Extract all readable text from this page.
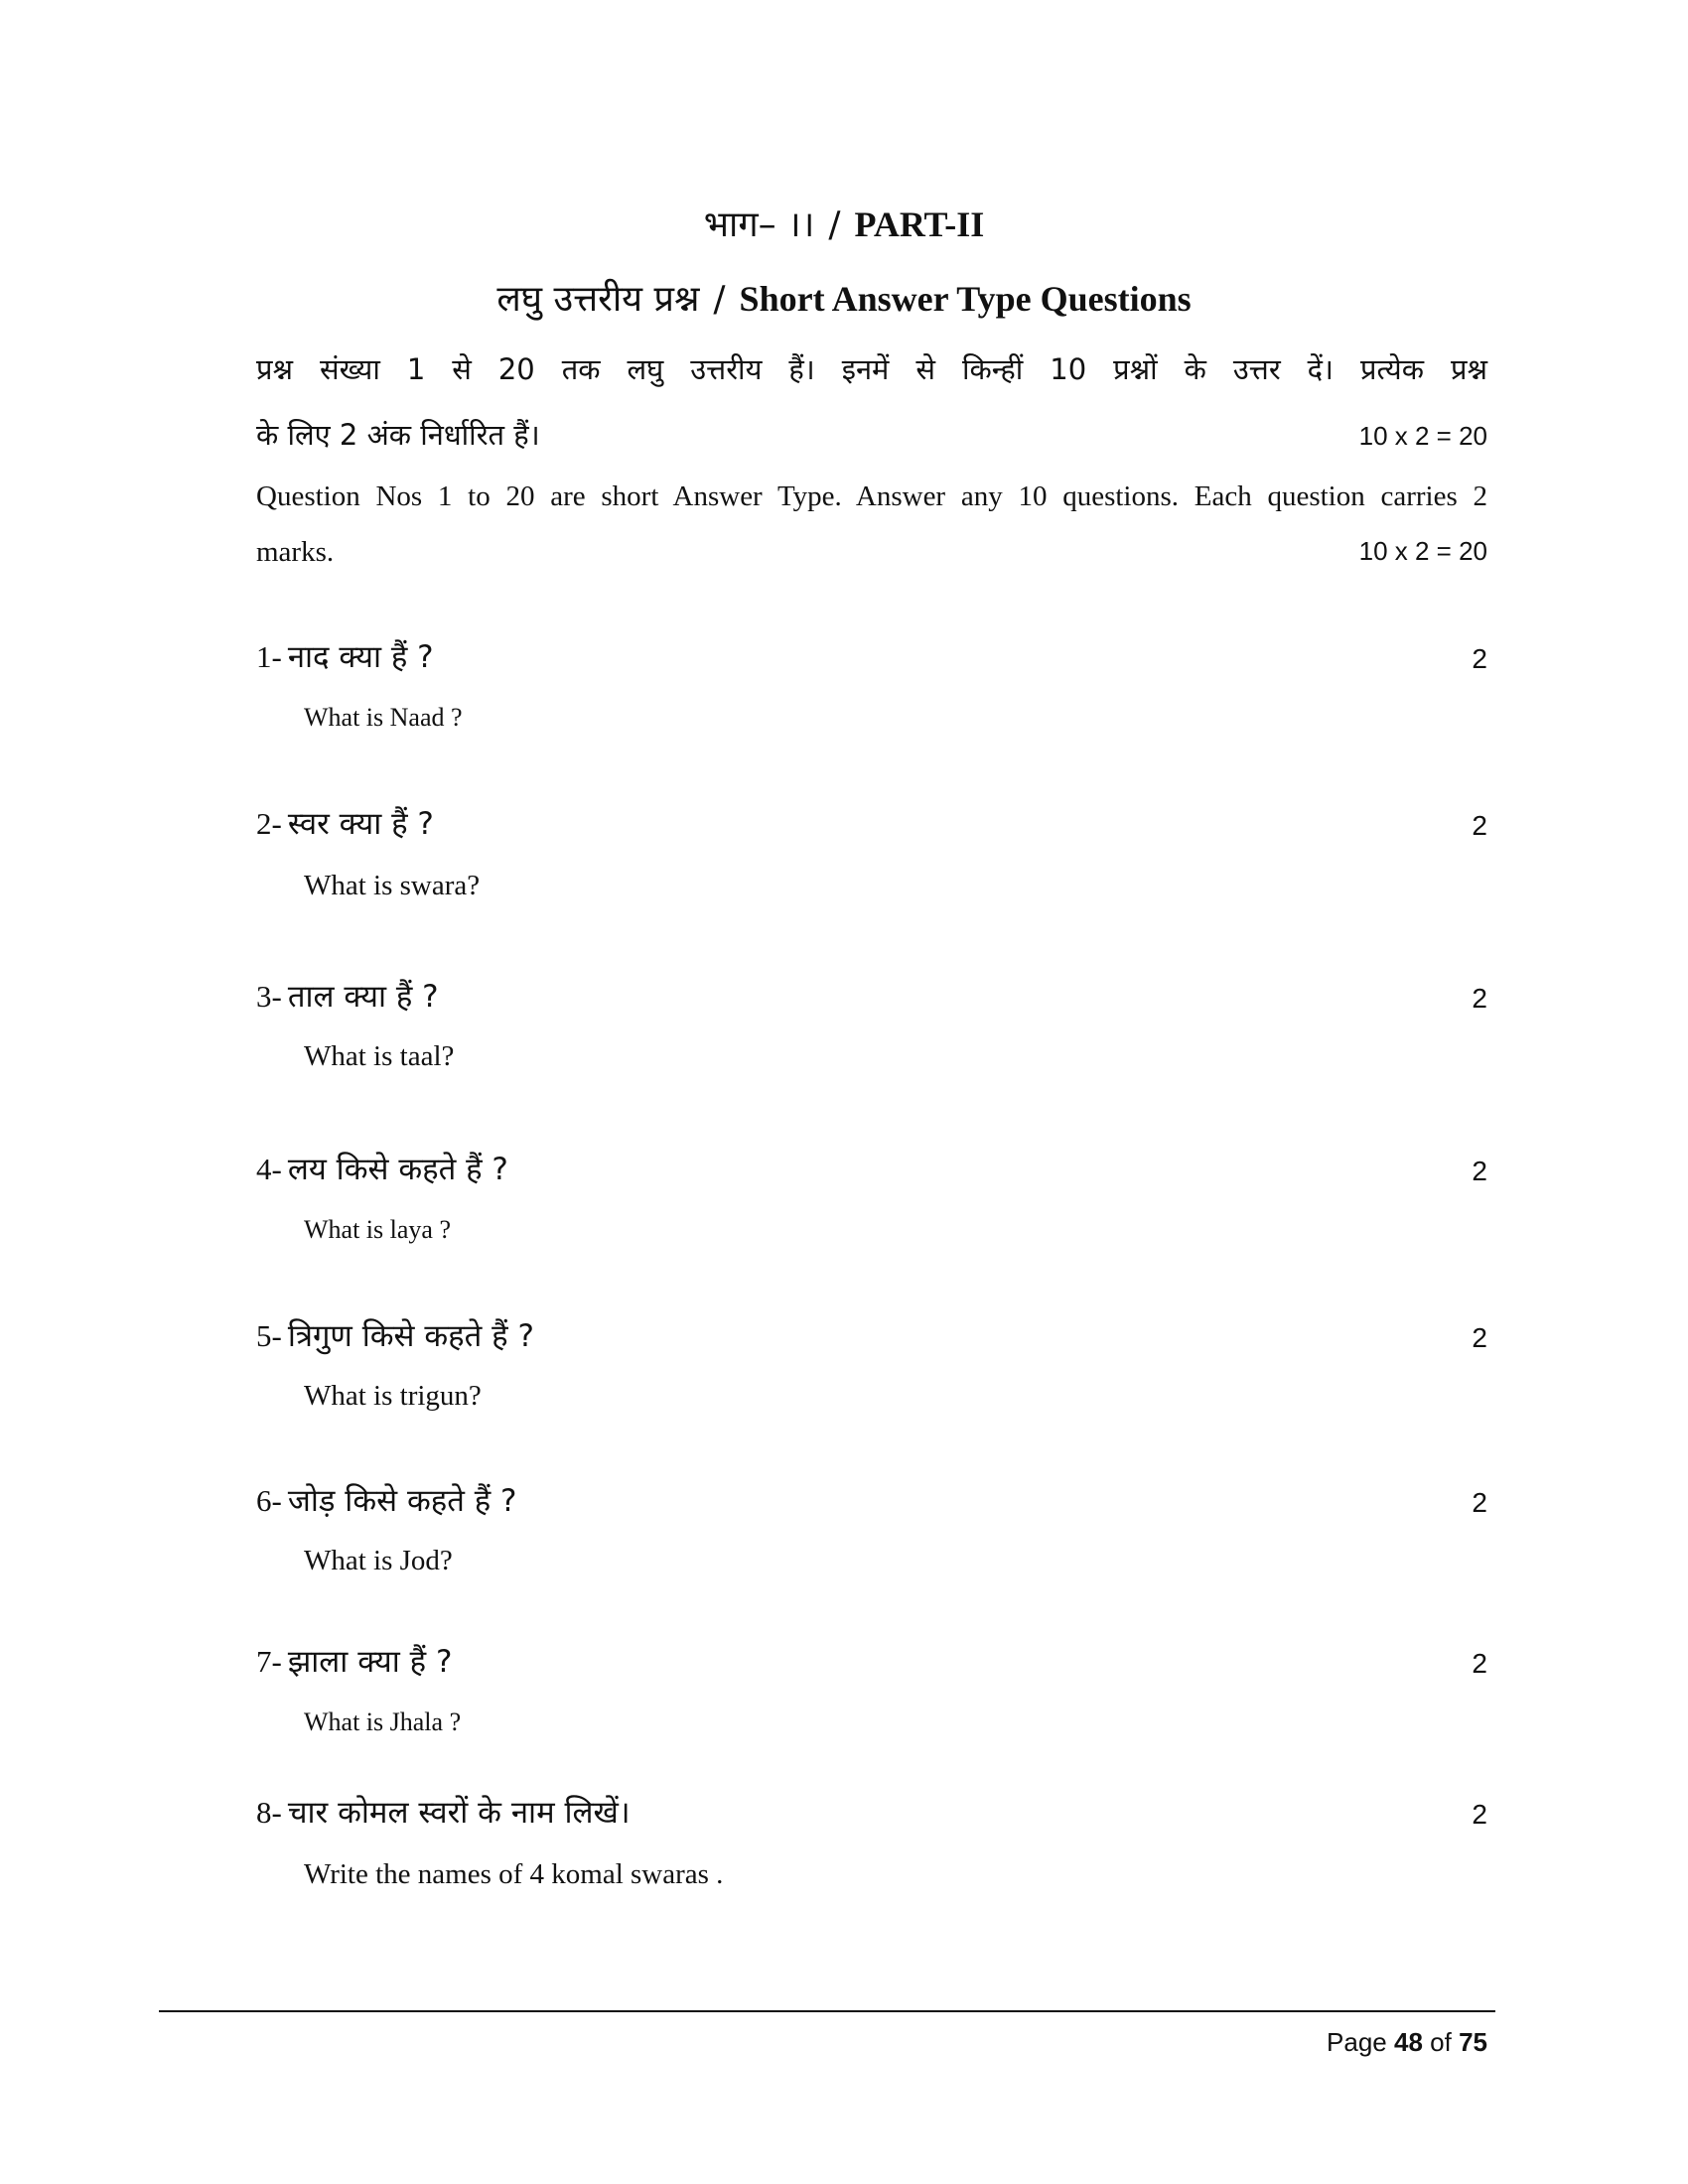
भाग– ।। / PART-II
लघु उत्तरीय प्रश्न / Short Answer Type Questions
प्रश्न संख्या 1 से 20 तक लघु उत्तरीय हैं। इनमें से किन्हीं 10 प्रश्नों के उत्तर दें। प्रत्येक प्रश्न
के लिए 2 अंक निर्धारित हैं।	10 x 2 = 20
Question Nos 1 to 20 are short Answer Type. Answer any 10 questions. Each question carries 2
marks.	10 x 2 = 20
1- नाद क्या हैं ?	2
What is Naad ?
2- स्वर क्या हैं ?	2
What is swara?
3- ताल क्या हैं ?	2
What is taal?
4- लय किसे कहते हैं ?	2
What is laya ?
5- त्रिगुण किसे कहते हैं ?	2
What is trigun?
6- जोड़ किसे कहते हैं ?	2
What is Jod?
7- झाला क्या हैं ?	2
What is Jhala ?
8- चार कोमल स्वरों के नाम लिखें।	2
Write the names of 4 komal swaras .
Page 48 of 75
